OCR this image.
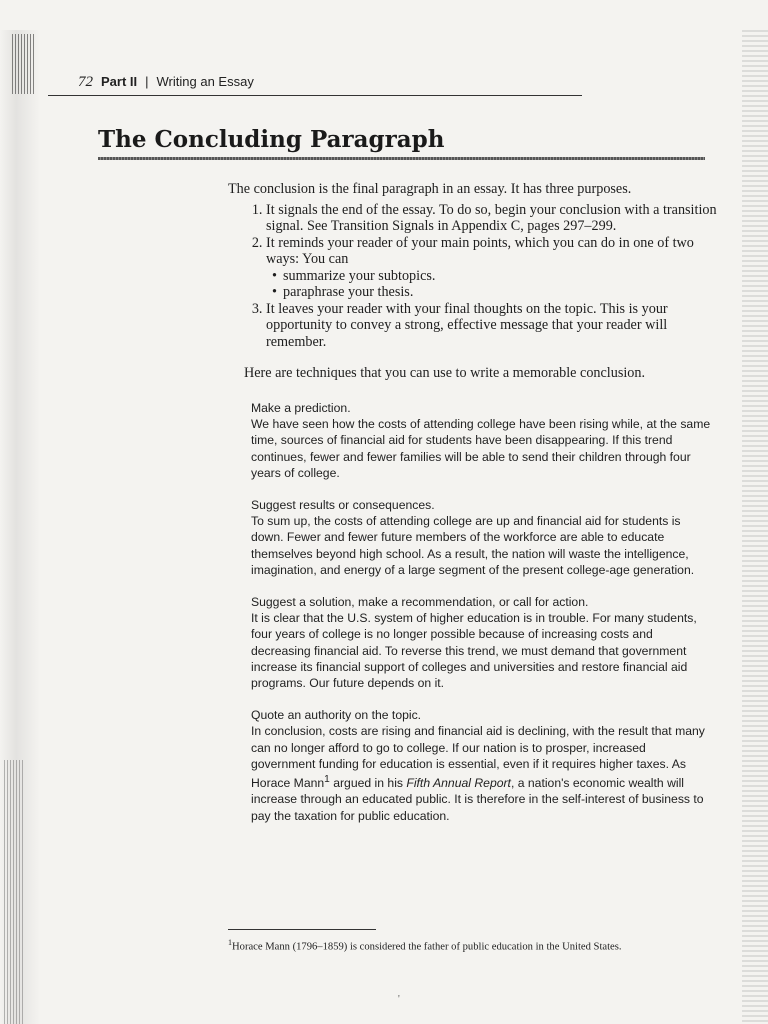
72 Part II | Writing an Essay
The Concluding Paragraph

The conclusion is the final paragraph in an essay. It has three purposes.

1. It signals the end of the essay. To do so, begin your conclusion with a transition signal. See Transition Signals in Appendix C, pages 297–299.
2. It reminds your reader of your main points, which you can do in one of two ways: You can
• summarize your subtopics.
• paraphrase your thesis.
3. It leaves your reader with your final thoughts on the topic. This is your opportunity to convey a strong, effective message that your reader will remember.
Here are techniques that you can use to write a memorable conclusion.
Make a prediction.
We have seen how the costs of attending college have been rising while, at the same time, sources of financial aid for students have been disappearing. If this trend continues, fewer and fewer families will be able to send their children through four years of college.
Suggest results or consequences.
To sum up, the costs of attending college are up and financial aid for students is down. Fewer and fewer future members of the workforce are able to educate themselves beyond high school. As a result, the nation will waste the intelligence, imagination, and energy of a large segment of the present college-age generation.
Suggest a solution, make a recommendation, or call for action.
It is clear that the U.S. system of higher education is in trouble. For many students, four years of college is no longer possible because of increasing costs and decreasing financial aid. To reverse this trend, we must demand that government increase its financial support of colleges and universities and restore financial aid programs. Our future depends on it.
Quote an authority on the topic.
In conclusion, costs are rising and financial aid is declining, with the result that many can no longer afford to go to college. If our nation is to prosper, increased government funding for education is essential, even if it requires higher taxes. As Horace Mann$^1$ argued in his Fifth Annual Report, a nation's economic wealth will increase through an educated public. It is therefore in the self-interest of business to pay the taxation for public education.
$^1$Horace Mann (1796–1859) is considered the father of public education in the United States.
'
